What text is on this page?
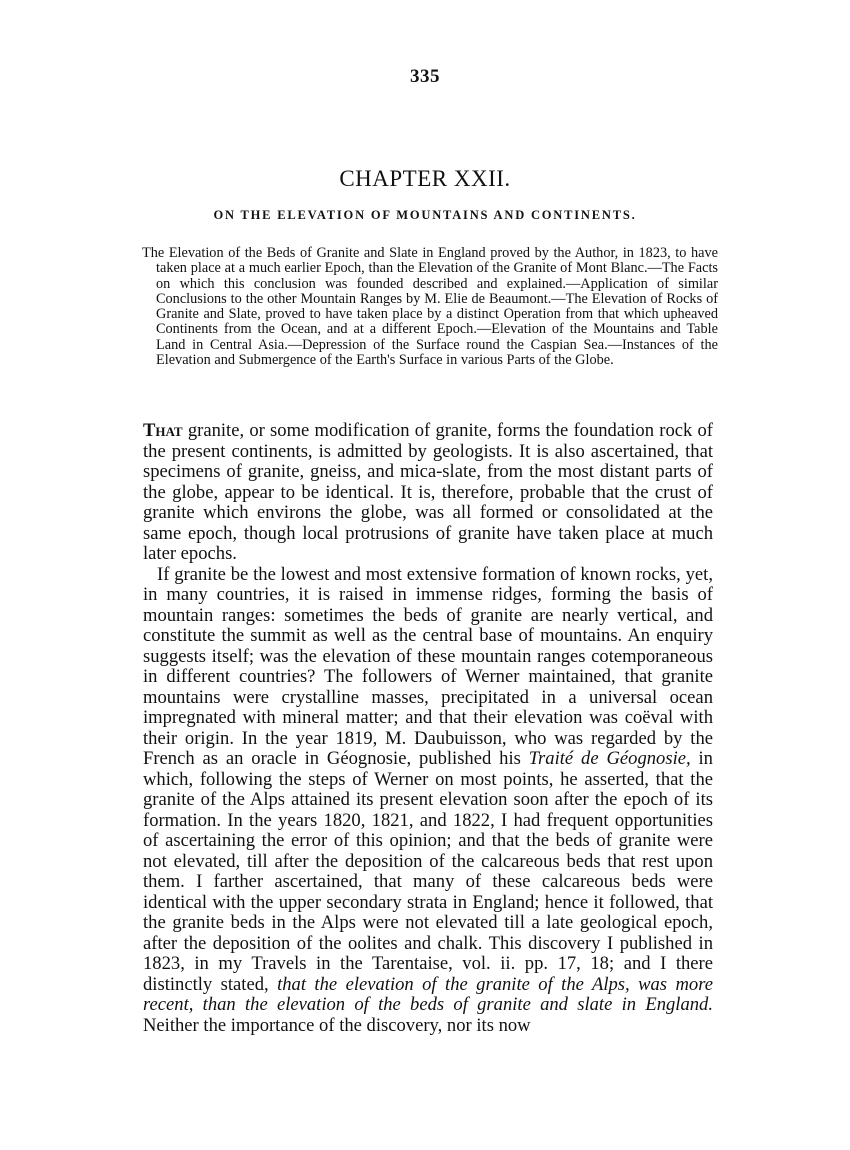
335
CHAPTER XXII.
ON THE ELEVATION OF MOUNTAINS AND CONTINENTS.
The Elevation of the Beds of Granite and Slate in England proved by the Author, in 1823, to have taken place at a much earlier Epoch, than the Elevation of the Granite of Mont Blanc.—The Facts on which this conclusion was founded described and explained.—Application of similar Conclusions to the other Mountain Ranges by M. Elie de Beaumont.—The Elevation of Rocks of Granite and Slate, proved to have taken place by a distinct Operation from that which upheaved Continents from the Ocean, and at a different Epoch.—Elevation of the Mountains and Table Land in Central Asia.—Depression of the Surface round the Caspian Sea.—Instances of the Elevation and Submergence of the Earth's Surface in various Parts of the Globe.

That granite, or some modification of granite, forms the foundation rock of the present continents, is admitted by geologists. It is also ascertained, that specimens of granite, gneiss, and mica-slate, from the most distant parts of the globe, appear to be identical. It is, therefore, probable that the crust of granite which environs the globe, was all formed or consolidated at the same epoch, though local protrusions of granite have taken place at much later epochs.

If granite be the lowest and most extensive formation of known rocks, yet, in many countries, it is raised in immense ridges, forming the basis of mountain ranges: sometimes the beds of granite are nearly vertical, and constitute the summit as well as the central base of mountains. An enquiry suggests itself; was the elevation of these mountain ranges cotemporaneous in different countries? The followers of Werner maintained, that granite mountains were crystalline masses, precipitated in a universal ocean impregnated with mineral matter; and that their elevation was coëval with their origin. In the year 1819, M. Daubuisson, who was regarded by the French as an oracle in Géognosie, published his Traité de Géognosie, in which, following the steps of Werner on most points, he asserted, that the granite of the Alps attained its present elevation soon after the epoch of its formation. In the years 1820, 1821, and 1822, I had frequent opportunities of ascertaining the error of this opinion; and that the beds of granite were not elevated, till after the deposition of the calcareous beds that rest upon them. I farther ascertained, that many of these calcareous beds were identical with the upper secondary strata in England; hence it followed, that the granite beds in the Alps were not elevated till a late geological epoch, after the deposition of the oolites and chalk. This discovery I published in 1823, in my Travels in the Tarentaise, vol. ii. pp. 17, 18; and I there distinctly stated, that the elevation of the granite of the Alps, was more recent, than the elevation of the beds of granite and slate in England. Neither the importance of the discovery, nor its now
